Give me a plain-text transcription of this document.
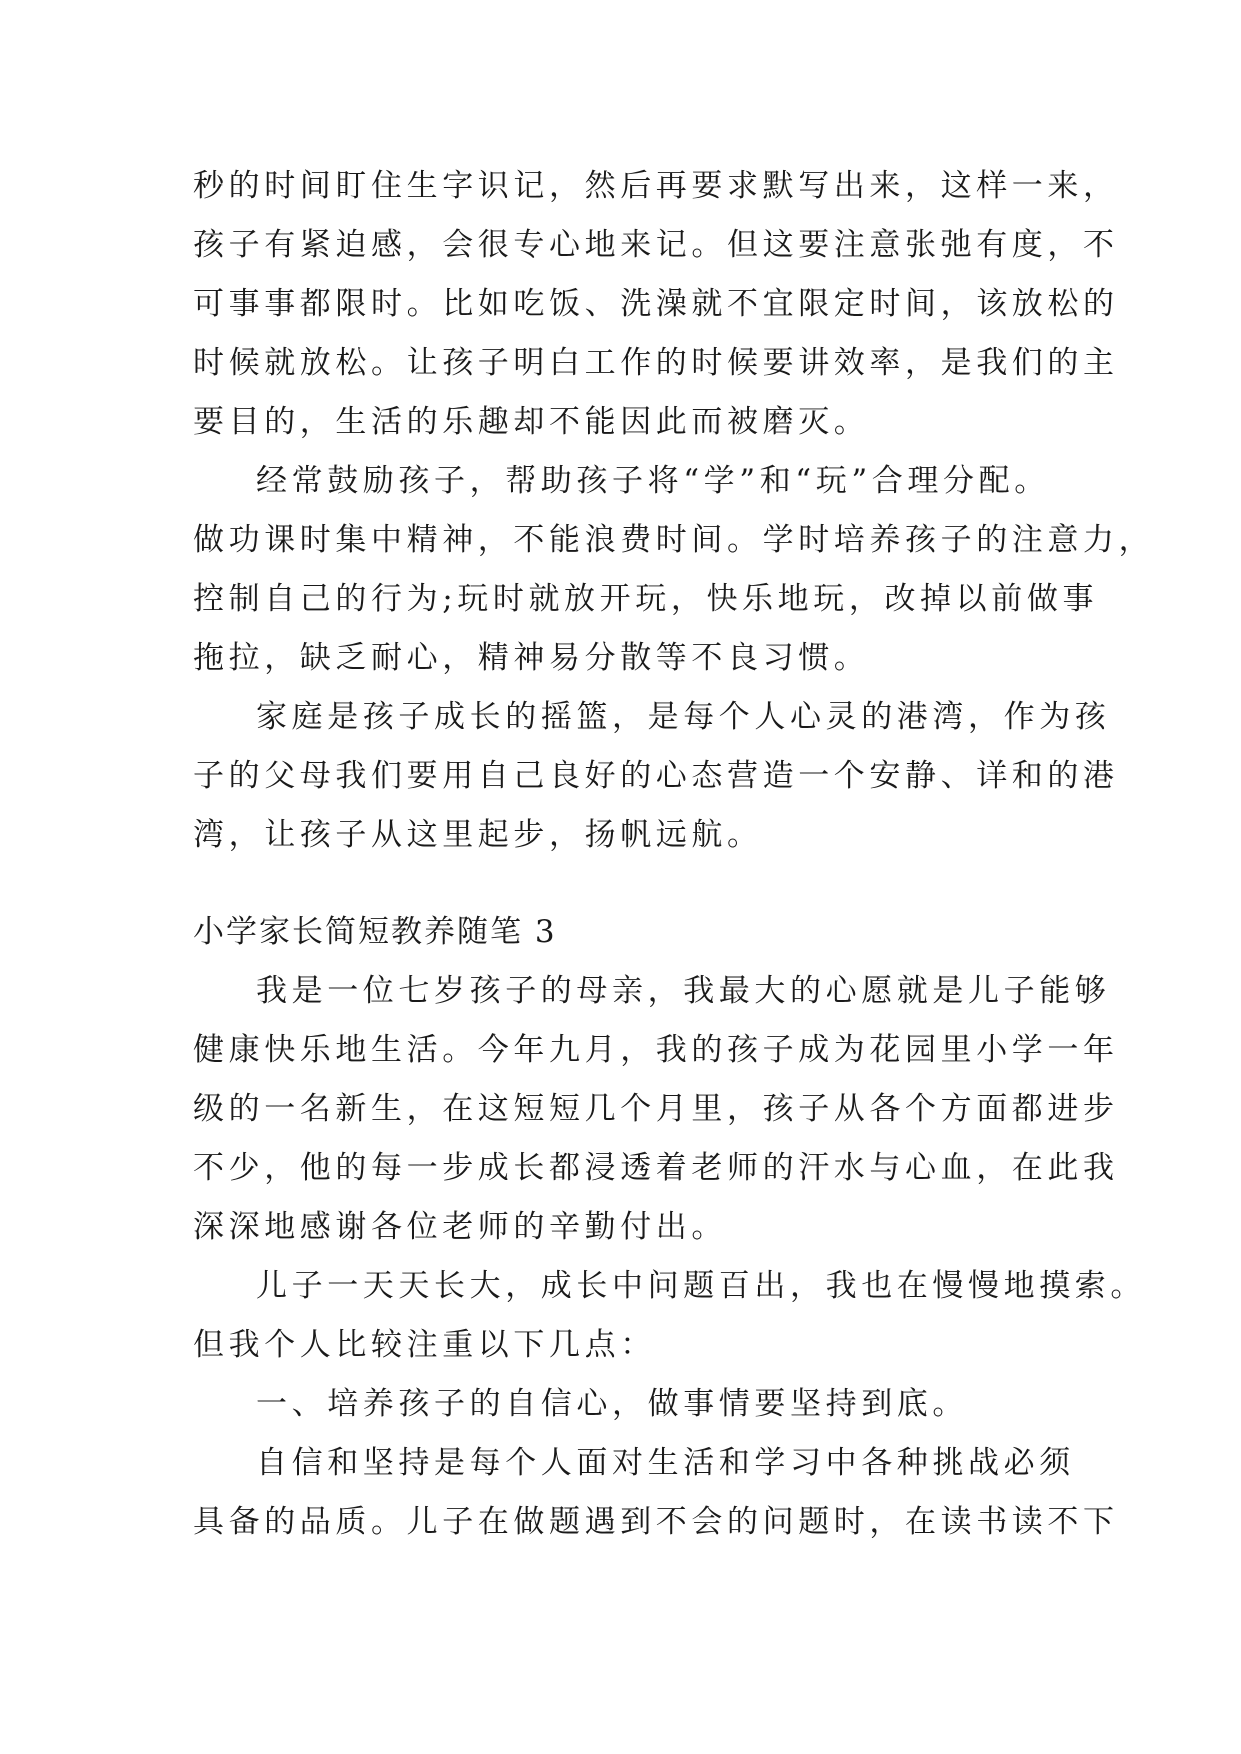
秒的时间盯住生字识记，然后再要求默写出来，这样一来，
孩子有紧迫感，会很专心地来记。但这要注意张弛有度，不
可事事都限时。比如吃饭、洗澡就不宜限定时间，该放松的
时候就放松。让孩子明白工作的时候要讲效率，是我们的主
要目的，生活的乐趣却不能因此而被磨灭。
经常鼓励孩子，帮助孩子将“学”和“玩”合理分配。
做功课时集中精神，不能浪费时间。学时培养孩子的注意力，
控制自己的行为;玩时就放开玩，快乐地玩，改掉以前做事
拖拉，缺乏耐心，精神易分散等不良习惯。
家庭是孩子成长的摇篮，是每个人心灵的港湾，作为孩
子的父母我们要用自己良好的心态营造一个安静、详和的港
湾，让孩子从这里起步，扬帆远航。
小学家长简短教养随笔 3
我是一位七岁孩子的母亲，我最大的心愿就是儿子能够
健康快乐地生活。今年九月，我的孩子成为花园里小学一年
级的一名新生，在这短短几个月里，孩子从各个方面都进步
不少，他的每一步成长都浸透着老师的汗水与心血，在此我
深深地感谢各位老师的辛勤付出。
儿子一天天长大，成长中问题百出，我也在慢慢地摸索。
但我个人比较注重以下几点：
一、培养孩子的自信心，做事情要坚持到底。
自信和坚持是每个人面对生活和学习中各种挑战必须
具备的品质。儿子在做题遇到不会的问题时，在读书读不下
